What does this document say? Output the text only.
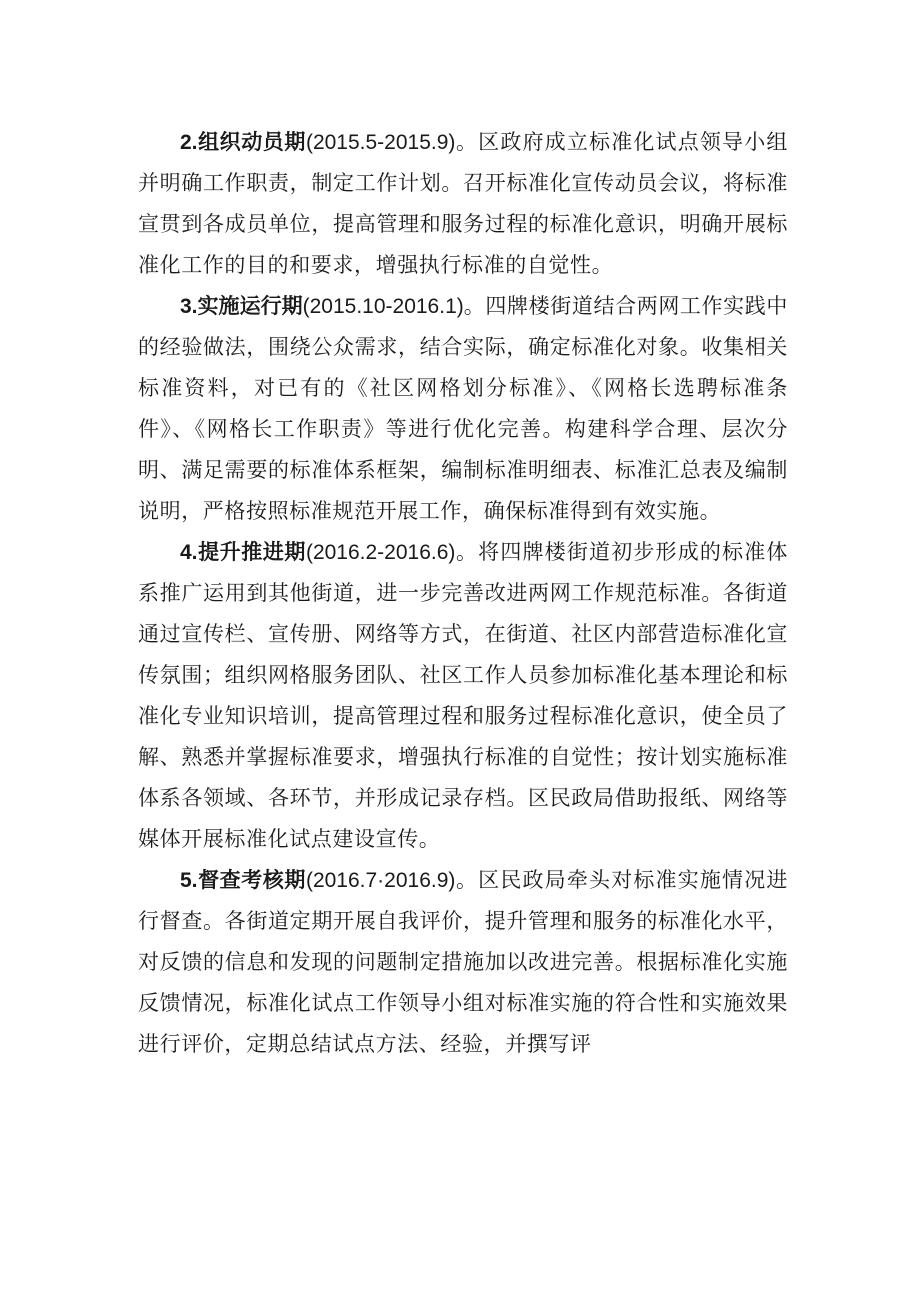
2.组织动员期(2015.5-2015.9)。区政府成立标准化试点领导小组并明确工作职责，制定工作计划。召开标准化宣传动员会议，将标准宣贯到各成员单位，提高管理和服务过程的标准化意识，明确开展标准化工作的目的和要求，增强执行标准的自觉性。

3.实施运行期(2015.10-2016.1)。四牌楼街道结合两网工作实践中的经验做法，围绕公众需求，结合实际，确定标准化对象。收集相关标准资料，对已有的《社区网格划分标准》、《网格长选聘标准条件》、《网格长工作职责》等进行优化完善。构建科学合理、层次分明、满足需要的标准体系框架，编制标准明细表、标准汇总表及编制说明，严格按照标准规范开展工作，确保标准得到有效实施。

4.提升推进期(2016.2-2016.6)。将四牌楼街道初步形成的标准体系推广运用到其他街道，进一步完善改进两网工作规范标准。各街道通过宣传栏、宣传册、网络等方式，在街道、社区内部营造标准化宣传氛围；组织网格服务团队、社区工作人员参加标准化基本理论和标准化专业知识培训，提高管理过程和服务过程标准化意识，使全员了解、熟悉并掌握标准要求，增强执行标准的自觉性；按计划实施标准体系各领域、各环节，并形成记录存档。区民政局借助报纸、网络等媒体开展标准化试点建设宣传。

5.督查考核期(2016.7·2016.9)。区民政局牵头对标准实施情况进行督查。各街道定期开展自我评价，提升管理和服务的标准化水平，对反馈的信息和发现的问题制定措施加以改进完善。根据标准化实施反馈情况，标准化试点工作领导小组对标准实施的符合性和实施效果进行评价，定期总结试点方法、经验，并撰写评
